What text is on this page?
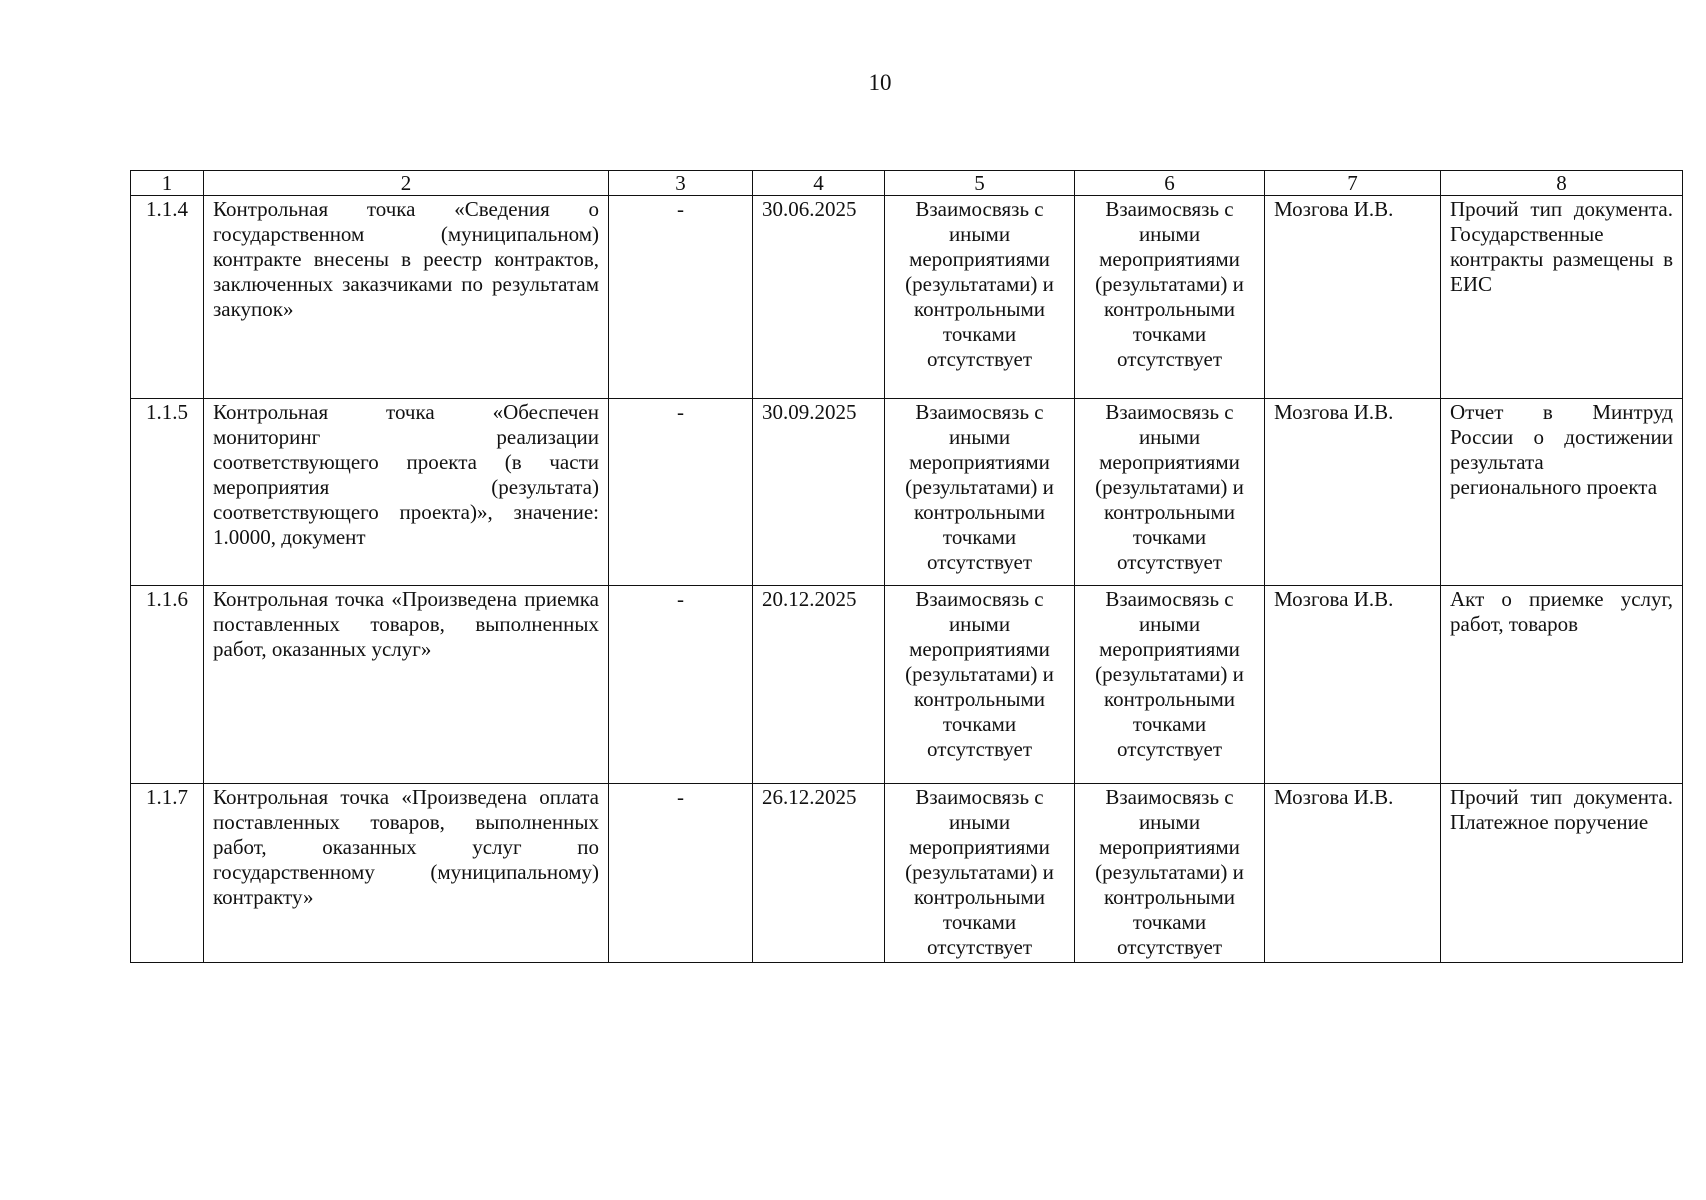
10
1	2	3	4	5	6	7	8
1.1.4	Контрольная точка «Сведения о государственном (муниципальном) контракте внесены в реестр контрактов, заключенных заказчиками по результатам закупок»	-	30.06.2025	Взаимосвязь с иными мероприятиями (результатами) и контрольными точками отсутствует	Взаимосвязь с иными мероприятиями (результатами) и контрольными точками отсутствует	Мозгова И.В.	Прочий тип документа. Государственные контракты размещены в ЕИС
1.1.5	Контрольная точка «Обеспечен мониторинг реализации соответствующего проекта (в части мероприятия (результата) соответствующего проекта)», значение: 1.0000, документ	-	30.09.2025	Взаимосвязь с иными мероприятиями (результатами) и контрольными точками отсутствует	Взаимосвязь с иными мероприятиями (результатами) и контрольными точками отсутствует	Мозгова И.В.	Отчет в Минтруд России о достижении результата регионального проекта
1.1.6	Контрольная точка «Произведена приемка поставленных товаров, выполненных работ, оказанных услуг»	-	20.12.2025	Взаимосвязь с иными мероприятиями (результатами) и контрольными точками отсутствует	Взаимосвязь с иными мероприятиями (результатами) и контрольными точками отсутствует	Мозгова И.В.	Акт о приемке услуг, работ, товаров
1.1.7	Контрольная точка «Произведена оплата поставленных товаров, выполненных работ, оказанных услуг по государственному (муниципальному) контракту»	-	26.12.2025	Взаимосвязь с иными мероприятиями (результатами) и контрольными точками отсутствует	Взаимосвязь с иными мероприятиями (результатами) и контрольными точками отсутствует	Мозгова И.В.	Прочий тип документа. Платежное поручение
